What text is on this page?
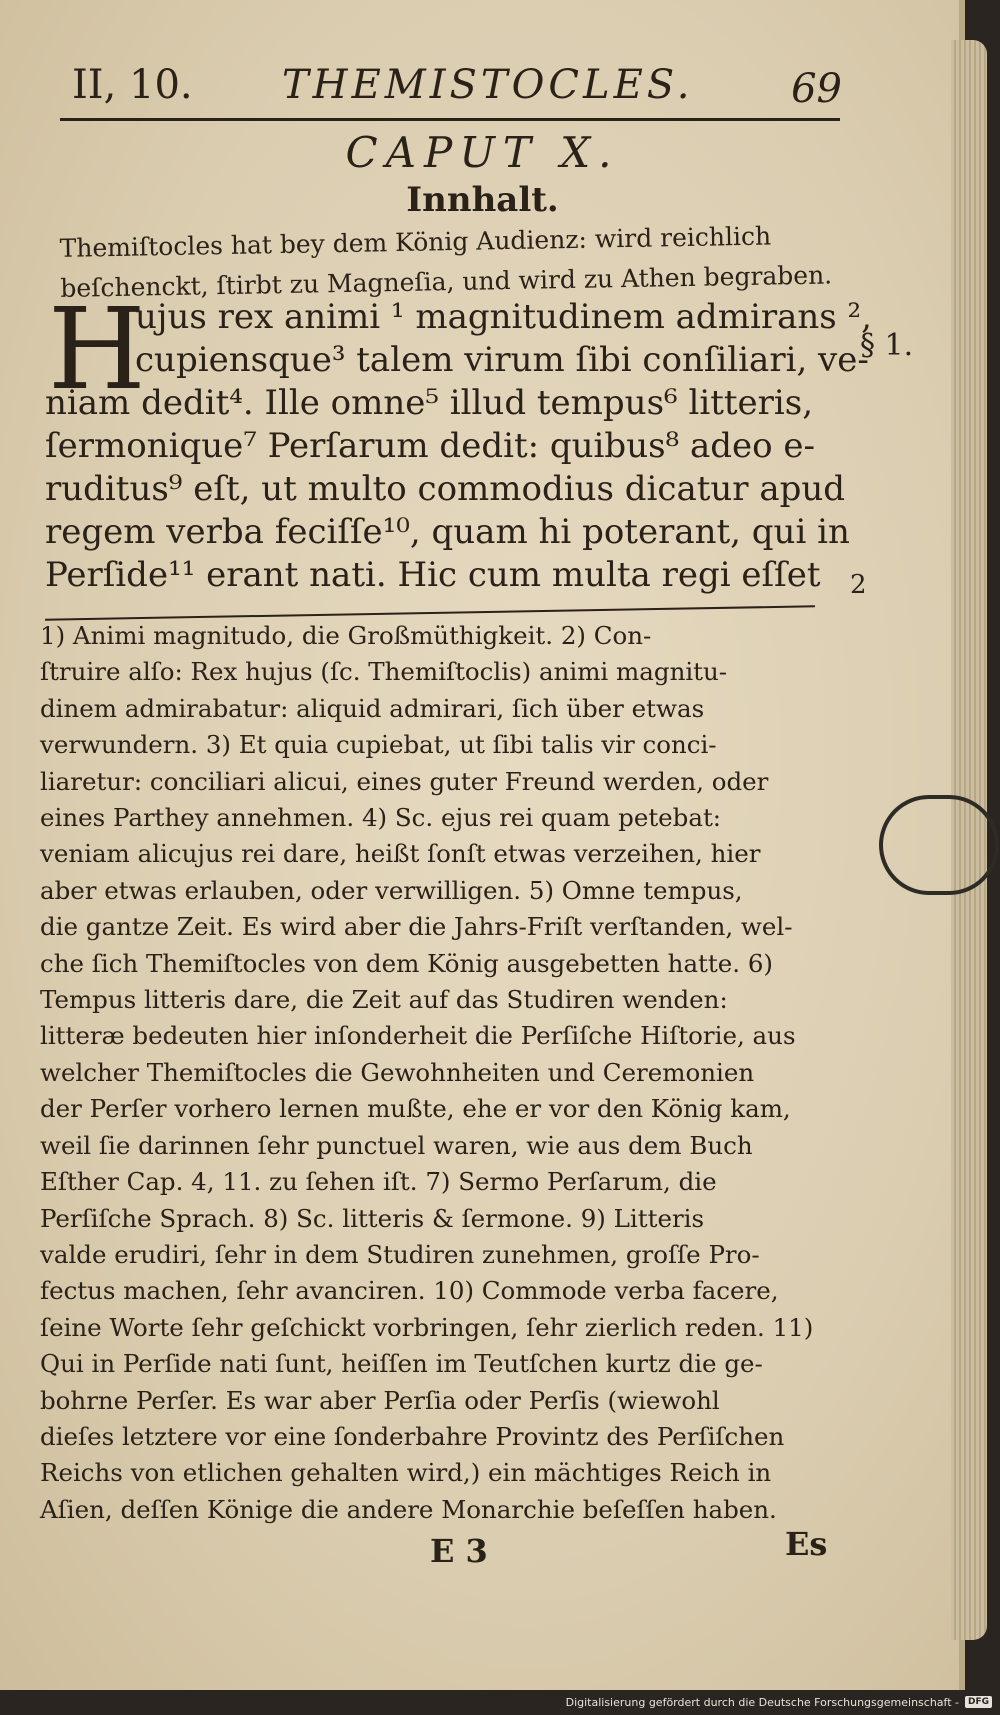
II, 10. THEMISTOCLES. 69
CAPUT X.
Innhalt.
Themiſtocles hat bey dem König Audienz: wird reichlich
beſchenckt, ſtirbt zu Magneſia, und wird zu Athen begraben.
H
ujus rex animi ¹ magnitudinem admirans ²,
cupiensque³ talem virum ſibi conſiliari, ve-
niam dedit⁴. Ille omne⁵ illud tempus⁶ litteris,
ſermonique⁷ Perſarum dedit: quibus⁸ adeo e-
ruditus⁹ eſt, ut multo commodius dicatur apud
regem verba feciſſe¹⁰, quam hi poterant, qui in
Perſide¹¹ erant nati. Hic cum multa regi eſſet
§ 1.
2
1) Animi magnitudo, die Großmüthigkeit. 2) Con-
ſtruire alſo: Rex hujus (ſc. Themiſtoclis) animi magnitu-
dinem admirabatur: aliquid admirari, ſich über etwas
verwundern. 3) Et quia cupiebat, ut ſibi talis vir conci-
liaretur: conciliari alicui, eines guter Freund werden, oder
eines Parthey annehmen. 4) Sc. ejus rei quam petebat:
veniam alicujus rei dare, heißt ſonſt etwas verzeihen, hier
aber etwas erlauben, oder verwilligen. 5) Omne tempus,
die gantze Zeit. Es wird aber die Jahrs-Friſt verſtanden, wel-
che ſich Themiſtocles von dem König ausgebetten hatte. 6)
Tempus litteris dare, die Zeit auf das Studiren wenden:
litteræ bedeuten hier inſonderheit die Perſiſche Hiſtorie, aus
welcher Themiſtocles die Gewohnheiten und Ceremonien
der Perſer vorhero lernen mußte, ehe er vor den König kam,
weil ſie darinnen ſehr punctuel waren, wie aus dem Buch
Eſther Cap. 4, 11. zu ſehen iſt. 7) Sermo Perſarum, die
Perſiſche Sprach. 8) Sc. litteris & ſermone. 9) Litteris
valde erudiri, ſehr in dem Studiren zunehmen, groſſe Pro-
fectus machen, ſehr avanciren. 10) Commode verba facere,
ſeine Worte ſehr geſchickt vorbringen, ſehr zierlich reden. 11)
Qui in Perſide nati ſunt, heiſſen im Teutſchen kurtz die ge-
bohrne Perſer. Es war aber Perſia oder Perſis (wiewohl
dieſes letztere vor eine ſonderbahre Provintz des Perſiſchen
Reichs von etlichen gehalten wird,) ein mächtiges Reich in
Aſien, deſſen Könige die andere Monarchie beſeſſen haben.
E 3	Es
Digitalisierung gefördert durch die Deutsche Forschungsgemeinschaft -	DFG
